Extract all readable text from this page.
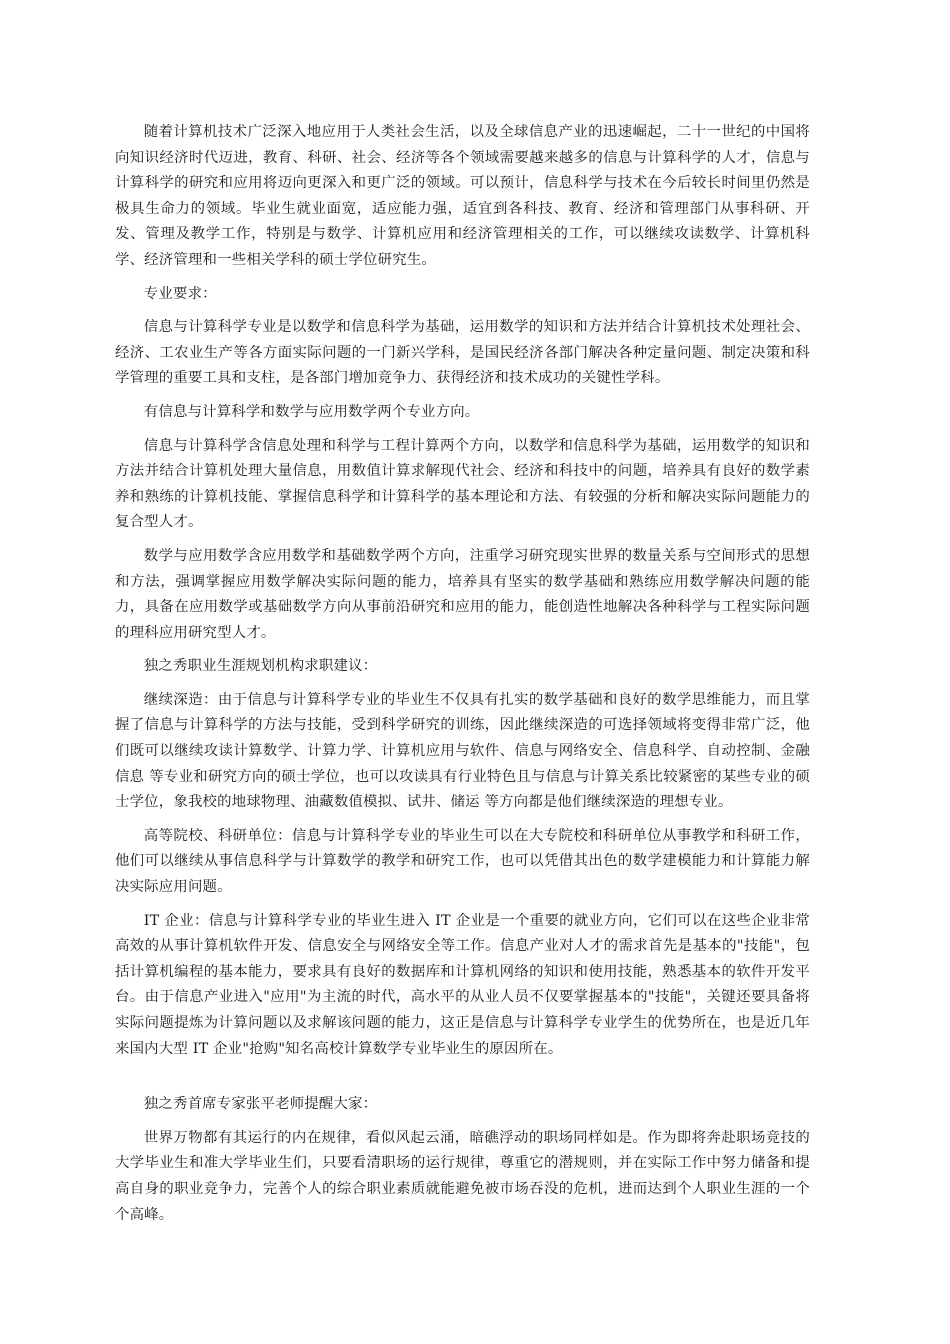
随着计算机技术广泛深入地应用于人类社会生活，以及全球信息产业的迅速崛起，二十一世纪的中国将向知识经济时代迈进，教育、科研、社会、经济等各个领域需要越来越多的信息与计算科学的人才，信息与计算科学的研究和应用将迈向更深入和更广泛的领域。可以预计，信息科学与技术在今后较长时间里仍然是极具生命力的领域。毕业生就业面宽，适应能力强，适宜到各科技、教育、经济和管理部门从事科研、开发、管理及教学工作，特别是与数学、计算机应用和经济管理相关的工作，可以继续攻读数学、计算机科学、经济管理和一些相关学科的硕士学位研究生。

专业要求：

信息与计算科学专业是以数学和信息科学为基础，运用数学的知识和方法并结合计算机技术处理社会、经济、工农业生产等各方面实际问题的一门新兴学科，是国民经济各部门解决各种定量问题、制定决策和科学管理的重要工具和支柱，是各部门增加竞争力、获得经济和技术成功的关键性学科。

有信息与计算科学和数学与应用数学两个专业方向。

信息与计算科学含信息处理和科学与工程计算两个方向，以数学和信息科学为基础，运用数学的知识和方法并结合计算机处理大量信息，用数值计算求解现代社会、经济和科技中的问题，培养具有良好的数学素养和熟练的计算机技能、掌握信息科学和计算科学的基本理论和方法、有较强的分析和解决实际问题能力的复合型人才。

数学与应用数学含应用数学和基础数学两个方向，注重学习研究现实世界的数量关系与空间形式的思想和方法，强调掌握应用数学解决实际问题的能力，培养具有坚实的数学基础和熟练应用数学解决问题的能力，具备在应用数学或基础数学方向从事前沿研究和应用的能力，能创造性地解决各种科学与工程实际问题的理科应用研究型人才。

独之秀职业生涯规划机构求职建议：

继续深造：由于信息与计算科学专业的毕业生不仅具有扎实的数学基础和良好的数学思维能力，而且掌握了信息与计算科学的方法与技能，受到科学研究的训练，因此继续深造的可选择领域将变得非常广泛，他们既可以继续攻读计算数学、计算力学、计算机应用与软件、信息与网络安全、信息科学、自动控制、金融信息 等专业和研究方向的硕士学位，也可以攻读具有行业特色且与信息与计算关系比较紧密的某些专业的硕士学位，象我校的地球物理、油藏数值模拟、试井、储运 等方向都是他们继续深造的理想专业。

高等院校、科研单位：信息与计算科学专业的毕业生可以在大专院校和科研单位从事教学和科研工作，他们可以继续从事信息科学与计算数学的教学和研究工作，也可以凭借其出色的数学建模能力和计算能力解决实际应用问题。

IT 企业：信息与计算科学专业的毕业生进入 IT 企业是一个重要的就业方向，它们可以在这些企业非常高效的从事计算机软件开发、信息安全与网络安全等工作。信息产业对人才的需求首先是基本的"技能"，包括计算机编程的基本能力，要求具有良好的数据库和计算机网络的知识和使用技能，熟悉基本的软件开发平台。由于信息产业进入"应用"为主流的时代，高水平的从业人员不仅要掌握基本的"技能"，关键还要具备将实际问题提炼为计算问题以及求解该问题的能力，这正是信息与计算科学专业学生的优势所在，也是近几年来国内大型 IT 企业"抢购"知名高校计算数学专业毕业生的原因所在。

独之秀首席专家张平老师提醒大家：

世界万物都有其运行的内在规律，看似风起云涌，暗礁浮动的职场同样如是。作为即将奔赴职场竞技的大学毕业生和准大学毕业生们，只要看清职场的运行规律，尊重它的潜规则，并在实际工作中努力储备和提高自身的职业竞争力，完善个人的综合职业素质就能避免被市场吞没的危机，进而达到个人职业生涯的一个个高峰。
